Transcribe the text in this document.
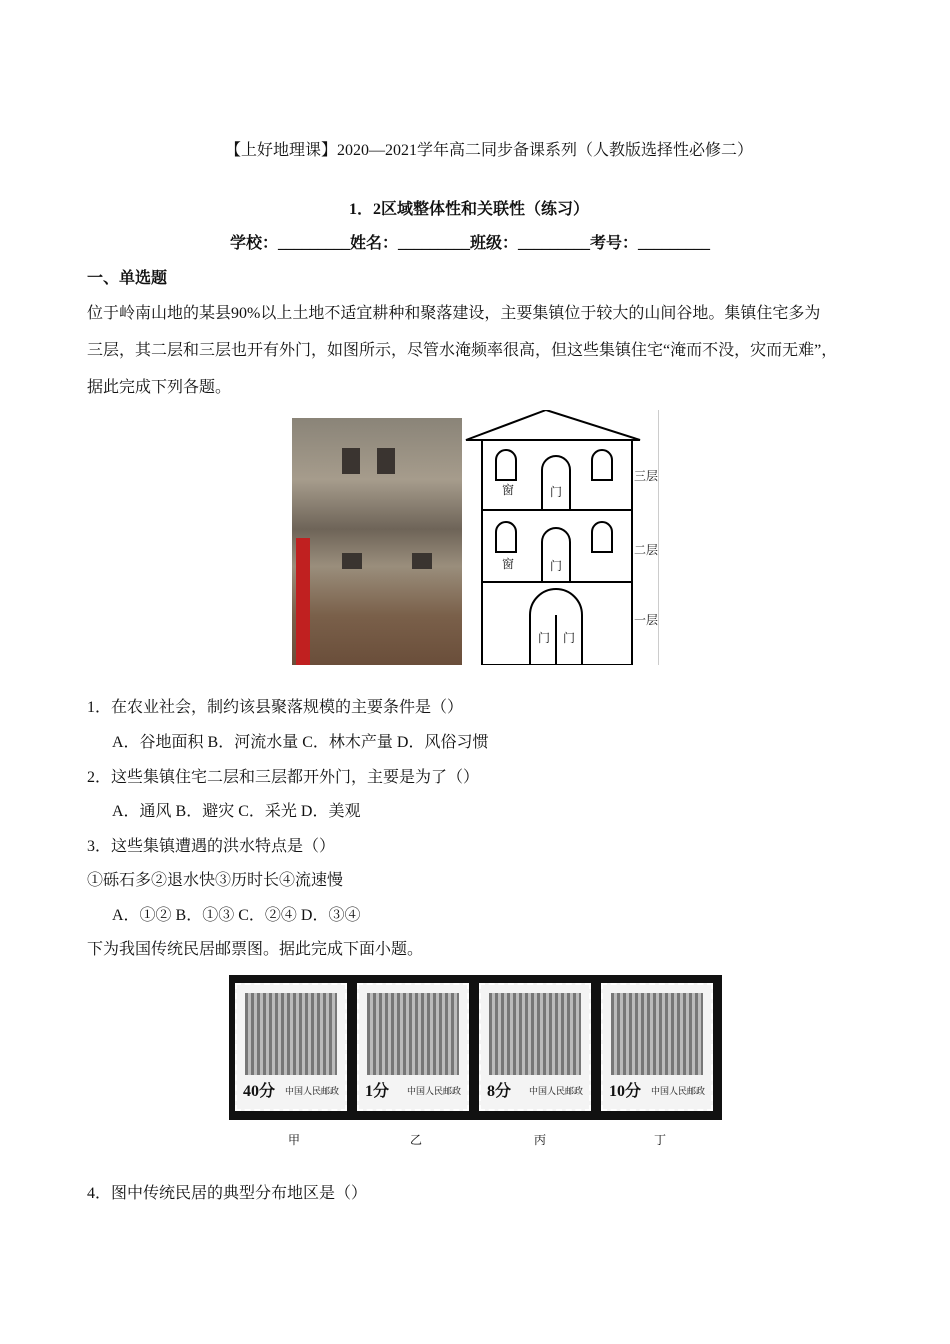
【上好地理课】2020—2021学年高二同步备课系列（人教版选择性必修二）
1．2区域整体性和关联性（练习）
学校：_________姓名：_________班级：_________考号：_________
一、单选题
位于岭南山地的某县90%以上土地不适宜耕种和聚落建设，主要集镇位于较大的山间谷地。集镇住宅多为
三层，其二层和三层也开有外门，如图所示，尽管水淹频率很高，但这些集镇住宅“淹而不没，灾而无难”，
据此完成下列各题。
窗	门
窗	门
门 门
三层
二层
一层
1．在农业社会，制约该县聚落规模的主要条件是（）
A．谷地面积 B．河流水量 C．林木产量 D．风俗习惯
2．这些集镇住宅二层和三层都开外门，主要是为了（）
A．通风 B．避灾 C．采光 D．美观
3．这些集镇遭遇的洪水特点是（）
①砾石多②退水快③历时长④流速慢
A．①② B．①③ C．②④ D．③④
下为我国传统民居邮票图。据此完成下面小题。
40分 中国人民邮政 1分 中国人民邮政 8分 中国人民邮政 10分 中国人民邮政
甲	乙	丙	丁
4．图中传统民居的典型分布地区是（）
